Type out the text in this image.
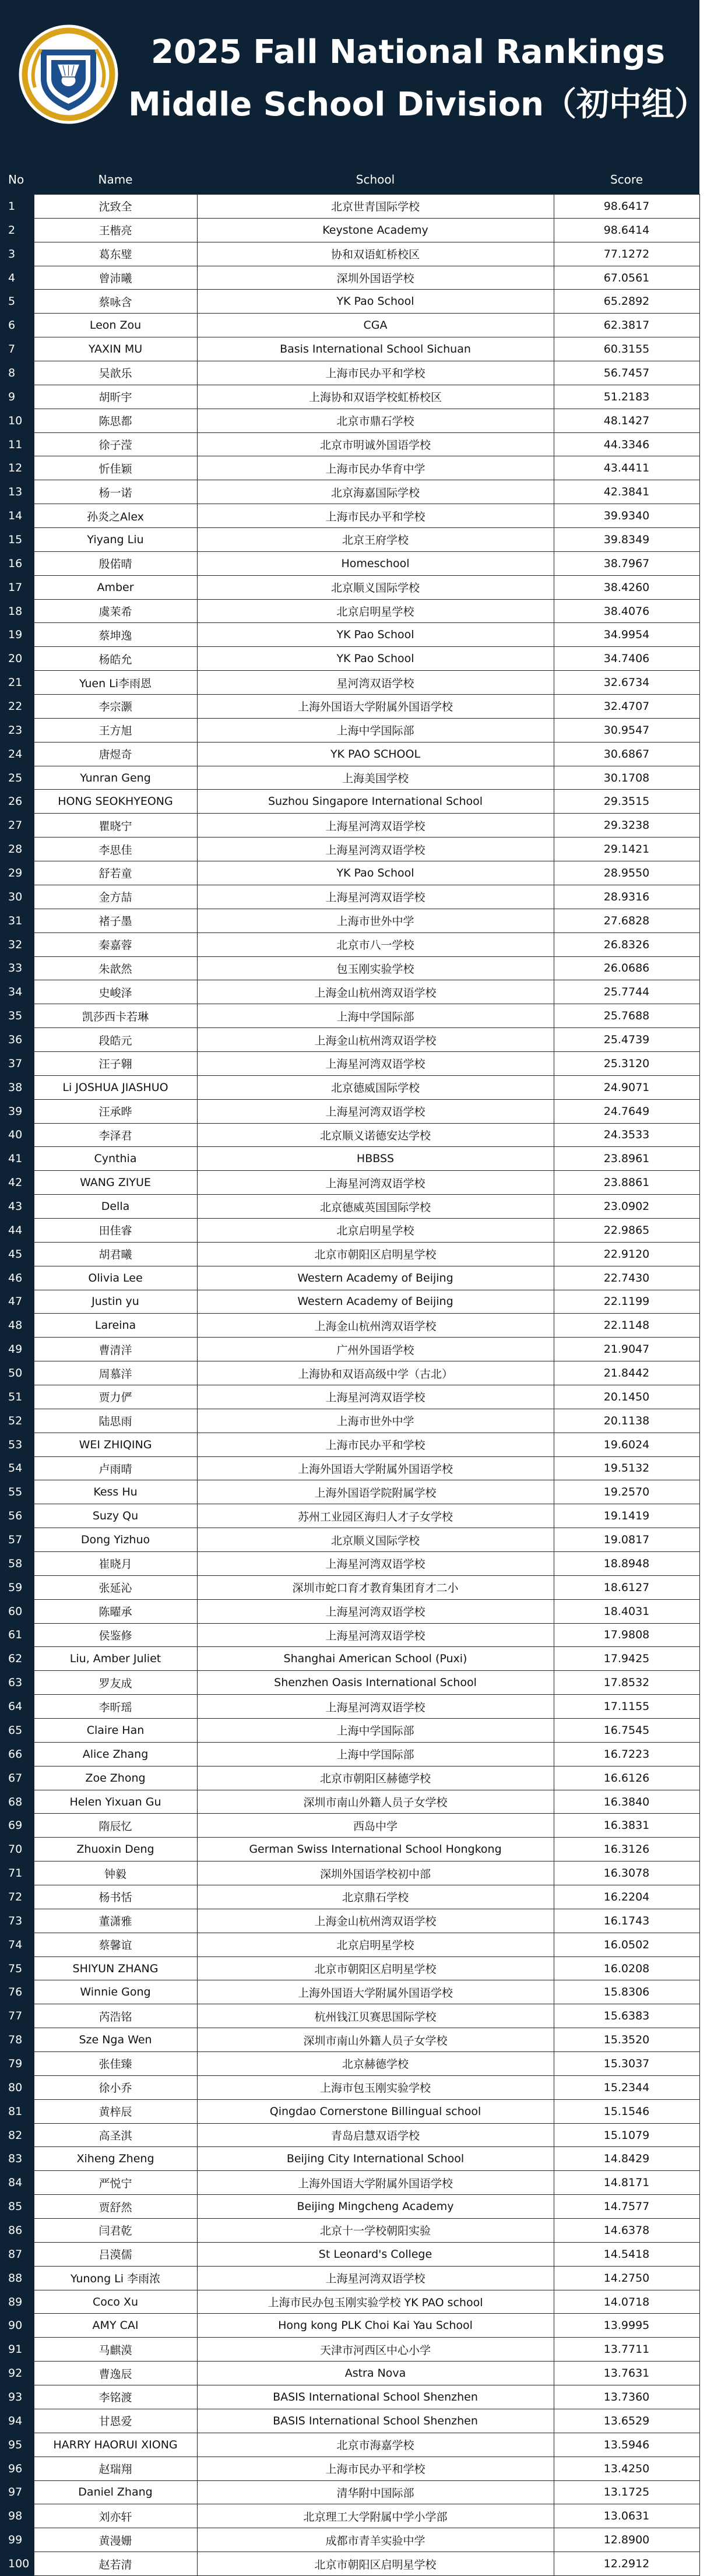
2025 Fall National Rankings
Middle School Division（初中组）
No	Name	School	Score
1	沈致全	北京世青国际学校	98.6417
2	王楷亮	Keystone Academy	98.6414
3	葛东璧	协和双语虹桥校区	77.1272
4	曾沛曦	深圳外国语学校	67.0561
5	蔡咏含	YK Pao School	65.2892
6	Leon Zou	CGA	62.3817
7	YAXIN MU	Basis International School Sichuan	60.3155
8	吴歆乐	上海市民办平和学校	56.7457
9	胡昕宇	上海协和双语学校虹桥校区	51.2183
10	陈思都	北京市鼎石学校	48.1427
11	徐子滢	北京市明诚外国语学校	44.3346
12	忻佳颖	上海市民办华育中学	43.4411
13	杨一诺	北京海嘉国际学校	42.3841
14	孙炎之Alex	上海市民办平和学校	39.9340
15	Yiyang Liu	北京王府学校	39.8349
16	殷偌晴	Homeschool	38.7967
17	Amber	北京顺义国际学校	38.4260
18	虞茉希	北京启明星学校	38.4076
19	蔡坤逸	YK Pao School	34.9954
20	杨皓允	YK Pao School	34.7406
21	Yuen Li李雨恩	星河湾双语学校	32.6734
22	李宗灏	上海外国语大学附属外国语学校	32.4707
23	王方旭	上海中学国际部	30.9547
24	唐煜奇	YK PAO SCHOOL	30.6867
25	Yunran Geng	上海美国学校	30.1708
26	HONG SEOKHYEONG	Suzhou Singapore International School	29.3515
27	瞿晓宁	上海星河湾双语学校	29.3238
28	李思佳	上海星河湾双语学校	29.1421
29	舒若童	YK Pao School	28.9550
30	金方喆	上海星河湾双语学校	28.9316
31	褚子墨	上海市世外中学	27.6828
32	秦嘉蓉	北京市八一学校	26.8326
33	朱歆然	包玉刚实验学校	26.0686
34	史峻泽	上海金山杭州湾双语学校	25.7744
35	凯莎西卡若琳	上海中学国际部	25.7688
36	段皓元	上海金山杭州湾双语学校	25.4739
37	汪子翱	上海星河湾双语学校	25.3120
38	Li JOSHUA JIASHUO	北京德威国际学校	24.9071
39	汪承晔	上海星河湾双语学校	24.7649
40	李泽君	北京顺义诺德安达学校	24.3533
41	Cynthia	HBBSS	23.8961
42	WANG ZIYUE	上海星河湾双语学校	23.8861
43	Della	北京德威英国国际学校	23.0902
44	田佳睿	北京启明星学校	22.9865
45	胡君曦	北京市朝阳区启明星学校	22.9120
46	Olivia Lee	Western Academy of Beijing	22.7430
47	Justin yu	Western Academy of Beijing	22.1199
48	Lareina	上海金山杭州湾双语学校	22.1148
49	曹清洋	广州外国语学校	21.9047
50	周慕洋	上海协和双语高级中学（古北）	21.8442
51	贾力俨	上海星河湾双语学校	20.1450
52	陆思雨	上海市世外中学	20.1138
53	WEI ZHIQING	上海市民办平和学校	19.6024
54	卢雨晴	上海外国语大学附属外国语学校	19.5132
55	Kess Hu	上海外国语学院附属学校	19.2570
56	Suzy Qu	苏州工业园区海归人才子女学校	19.1419
57	Dong Yizhuo	北京顺义国际学校	19.0817
58	崔晓月	上海星河湾双语学校	18.8948
59	张延沁	深圳市蛇口育才教育集团育才二小	18.6127
60	陈曜承	上海星河湾双语学校	18.4031
61	侯鉴修	上海星河湾双语学校	17.9808
62	Liu, Amber Juliet	Shanghai American School (Puxi)	17.9425
63	罗友成	Shenzhen Oasis International School	17.8532
64	李昕瑶	上海星河湾双语学校	17.1155
65	Claire Han	上海中学国际部	16.7545
66	Alice Zhang	上海中学国际部	16.7223
67	Zoe Zhong	北京市朝阳区赫德学校	16.6126
68	Helen Yixuan Gu	深圳市南山外籍人员子女学校	16.3840
69	隋辰忆	西岛中学	16.3831
70	Zhuoxin Deng	German Swiss International School Hongkong	16.3126
71	钟毅	深圳外国语学校初中部	16.3078
72	杨书恬	北京鼎石学校	16.2204
73	董潇雅	上海金山杭州湾双语学校	16.1743
74	蔡馨谊	北京启明星学校	16.0502
75	SHIYUN ZHANG	北京市朝阳区启明星学校	16.0208
76	Winnie Gong	上海外国语大学附属外国语学校	15.8306
77	芮浩铭	杭州钱江贝赛思国际学校	15.6383
78	Sze Nga Wen	深圳市南山外籍人员子女学校	15.3520
79	张佳臻	北京赫德学校	15.3037
80	徐小乔	上海市包玉刚实验学校	15.2344
81	黄梓辰	Qingdao Cornerstone Billingual school	15.1546
82	高圣淇	青岛启慧双语学校	15.1079
83	Xiheng Zheng	Beijing City International School	14.8429
84	严悦宁	上海外国语大学附属外国语学校	14.8171
85	贾舒然	Beijing Mingcheng Academy	14.7577
86	闫君乾	北京十一学校朝阳实验	14.6378
87	吕漠儒	St Leonard's College	14.5418
88	Yunong Li 李雨浓	上海星河湾双语学校	14.2750
89	Coco Xu	上海市民办包玉刚实验学校 YK PAO school	14.0718
90	AMY CAI	Hong kong PLK Choi Kai Yau School	13.9995
91	马麒漠	天津市河西区中心小学	13.7711
92	曹逸辰	Astra Nova	13.7631
93	李铭渡	BASIS International School Shenzhen	13.7360
94	甘恩爱	BASIS International School Shenzhen	13.6529
95	HARRY HAORUI XIONG	北京市海嘉学校	13.5946
96	赵瑞翔	上海市民办平和学校	13.4250
97	Daniel Zhang	清华附中国际部	13.1725
98	刘亦轩	北京理工大学附属中学小学部	13.0631
99	黄漫姗	成都市青羊实验中学	12.8900
100	赵若清	北京市朝阳区启明星学校	12.2912
